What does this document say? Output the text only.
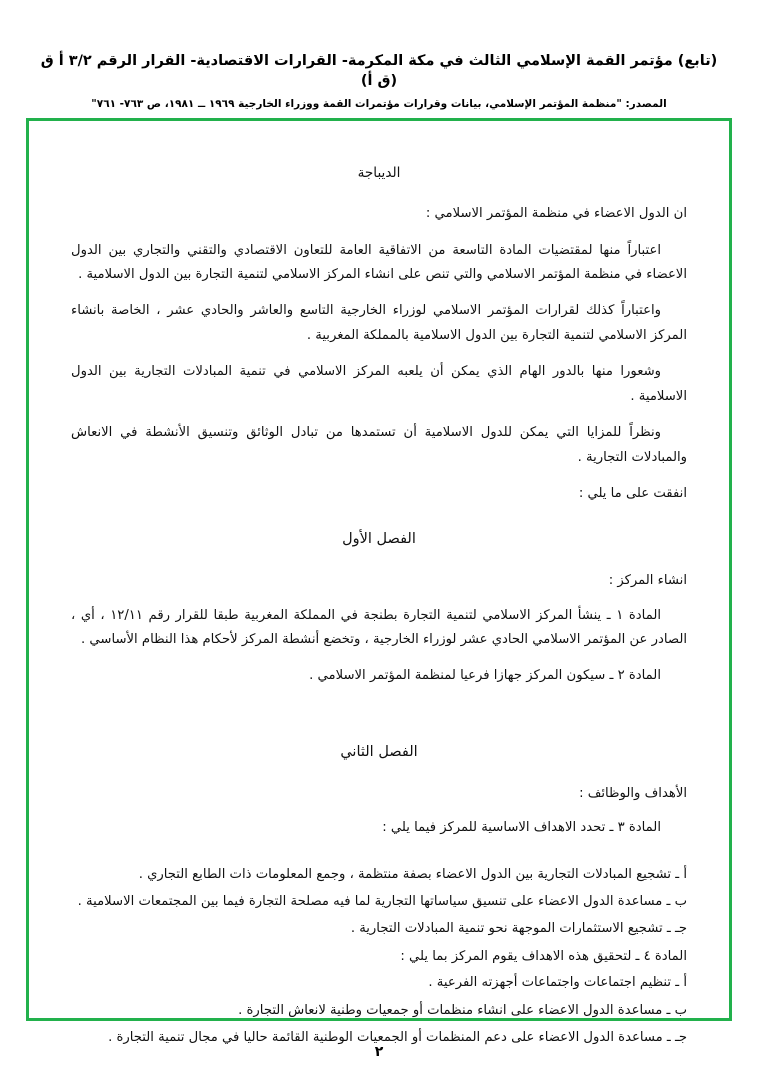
(تابع) مؤتمر القمة الإسلامي الثالث في مكة المكرمة- القرارات الاقتصادية- القرار الرقم ٣/٢ أ ق (ق أ)
المصدر: "منظمة المؤتمر الإسلامي، بيانات وقرارات مؤتمرات القمة ووزراء الخارجية ١٩٦٩ ــ ١٩٨١، ص ٧٦٣- ٧٦١"
الديباجة
ان الدول الاعضاء في منظمة المؤتمر الاسلامي :
اعتباراً منها لمقتضيات المادة التاسعة من الاتفاقية العامة للتعاون الاقتصادي والتقني والتجاري بين الدول الاعضاء في منظمة المؤتمر الاسلامي والتي تنص على انشاء المركز الاسلامي لتنمية التجارة بين الدول الاسلامية .
واعتباراً كذلك لقرارات المؤتمر الاسلامي لوزراء الخارجية التاسع والعاشر والحادي عشر ، الخاصة بانشاء المركز الاسلامي لتنمية التجارة بين الدول الاسلامية بالمملكة المغربية .
وشعورا منها بالدور الهام الذي يمكن أن يلعبه المركز الاسلامي في تنمية المبادلات التجارية بين الدول الاسلامية .
ونظراً للمزايا التي يمكن للدول الاسلامية أن تستمدها من تبادل الوثائق وتنسيق الأنشطة في الانعاش والمبادلات التجارية .
انفقت على ما يلي :
الفصل الأول
انشاء المركز :
المادة ١ ـ ينشأ المركز الاسلامي لتنمية التجارة بطنجة في المملكة المغربية طبقا للقرار رقم ١٢/١١ ، أي ، الصادر عن المؤتمر الاسلامي الحادي عشر لوزراء الخارجية ، وتخضع أنشطة المركز لأحكام هذا النظام الأساسي .
المادة ٢ ـ سيكون المركز جهازا فرعيا لمنظمة المؤتمر الاسلامي .
الفصل الثاني
الأهداف والوظائف :
المادة ٣ ـ تحدد الاهداف الاساسية للمركز فيما يلي :
أ ـ تشجيع المبادلات التجارية بين الدول الاعضاء بصفة منتظمة ، وجمع المعلومات ذات الطابع التجاري .
ب ـ مساعدة الدول الاعضاء على تنسيق سياساتها التجارية لما فيه مصلحة التجارة فيما بين المجتمعات الاسلامية .
جـ ـ تشجيع الاستثمارات الموجهة نحو تنمية المبادلات التجارية .
المادة ٤ ـ لتحقيق هذه الاهداف يقوم المركز بما يلي :
أ ـ تنظيم اجتماعات واجتماعات أجهزته الفرعية .
ب ـ مساعدة الدول الاعضاء على انشاء منظمات أو جمعيات وطنية لانعاش التجارة .
جـ ـ مساعدة الدول الاعضاء على دعم المنظمات أو الجمعيات الوطنية القائمة حاليا في مجال تنمية التجارة .
٢
